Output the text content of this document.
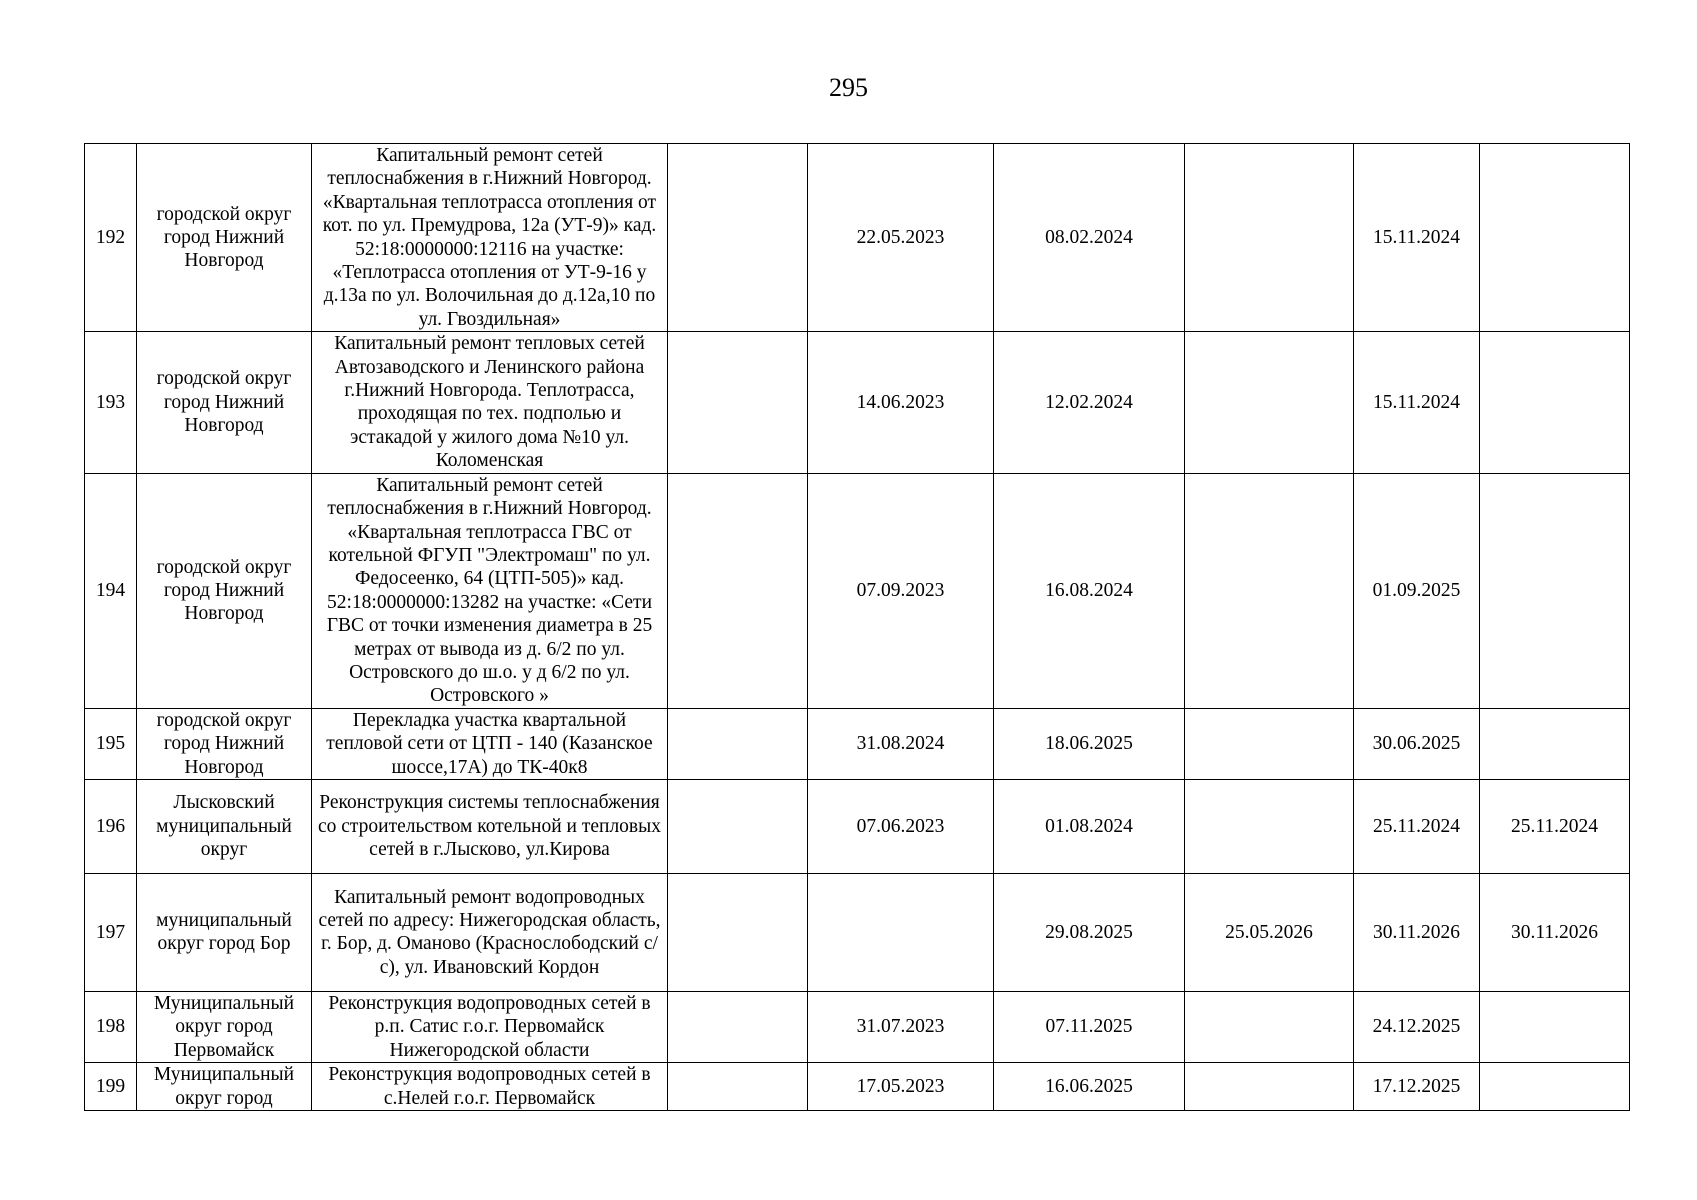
295
192	городской округ город Нижний Новгород	Капитальный ремонт сетей теплоснабжения в г.Нижний Новгород. «Квартальная теплотрасса отопления от кот. по ул. Премудрова, 12а (УТ-9)» кад. 52:18:0000000:12116 на участке: «Теплотрасса отопления от УТ-9-16 у д.13а по ул. Волочильная до д.12а,10 по ул. Гвоздильная»		22.05.2023	08.02.2024		15.11.2024	
193	городской округ город Нижний Новгород	Капитальный ремонт тепловых сетей Автозаводского и Ленинского района г.Нижний Новгорода. Теплотрасса, проходящая по тех. подполью и эстакадой у жилого дома №10 ул. Коломенская		14.06.2023	12.02.2024		15.11.2024	
194	городской округ город Нижний Новгород	Капитальный ремонт сетей теплоснабжения в г.Нижний Новгород. «Квартальная теплотрасса ГВС от котельной ФГУП "Электромаш" по ул. Федосеенко, 64 (ЦТП-505)» кад. 52:18:0000000:13282 на участке: «Сети ГВС от точки изменения диаметра в 25 метрах от вывода из д. 6/2 по ул. Островского до ш.о. у д 6/2 по ул. Островского »		07.09.2023	16.08.2024		01.09.2025	
195	городской округ город Нижний Новгород	Перекладка участка квартальной тепловой сети от ЦТП - 140 (Казанское шоссе,17А) до ТК-40к8		31.08.2024	18.06.2025		30.06.2025	
196	Лысковский муниципальный округ	Реконструкция системы теплоснабжения со строительством котельной и тепловых сетей в г.Лысково, ул.Кирова		07.06.2023	01.08.2024		25.11.2024	25.11.2024
197	муниципальный округ город Бор	Капитальный ремонт водопроводных сетей по адресу: Нижегородская область, г. Бор, д. Оманово (Краснослободский с/с), ул. Ивановский Кордон			29.08.2025	25.05.2026	30.11.2026	30.11.2026
198	Муниципальный округ город Первомайск	Реконструкция водопроводных сетей в р.п. Сатис г.о.г. Первомайск Нижегородской области		31.07.2023	07.11.2025		24.12.2025	
199	Муниципальный округ город	Реконструкция водопроводных сетей в с.Нелей г.о.г. Первомайск		17.05.2023	16.06.2025		17.12.2025	
